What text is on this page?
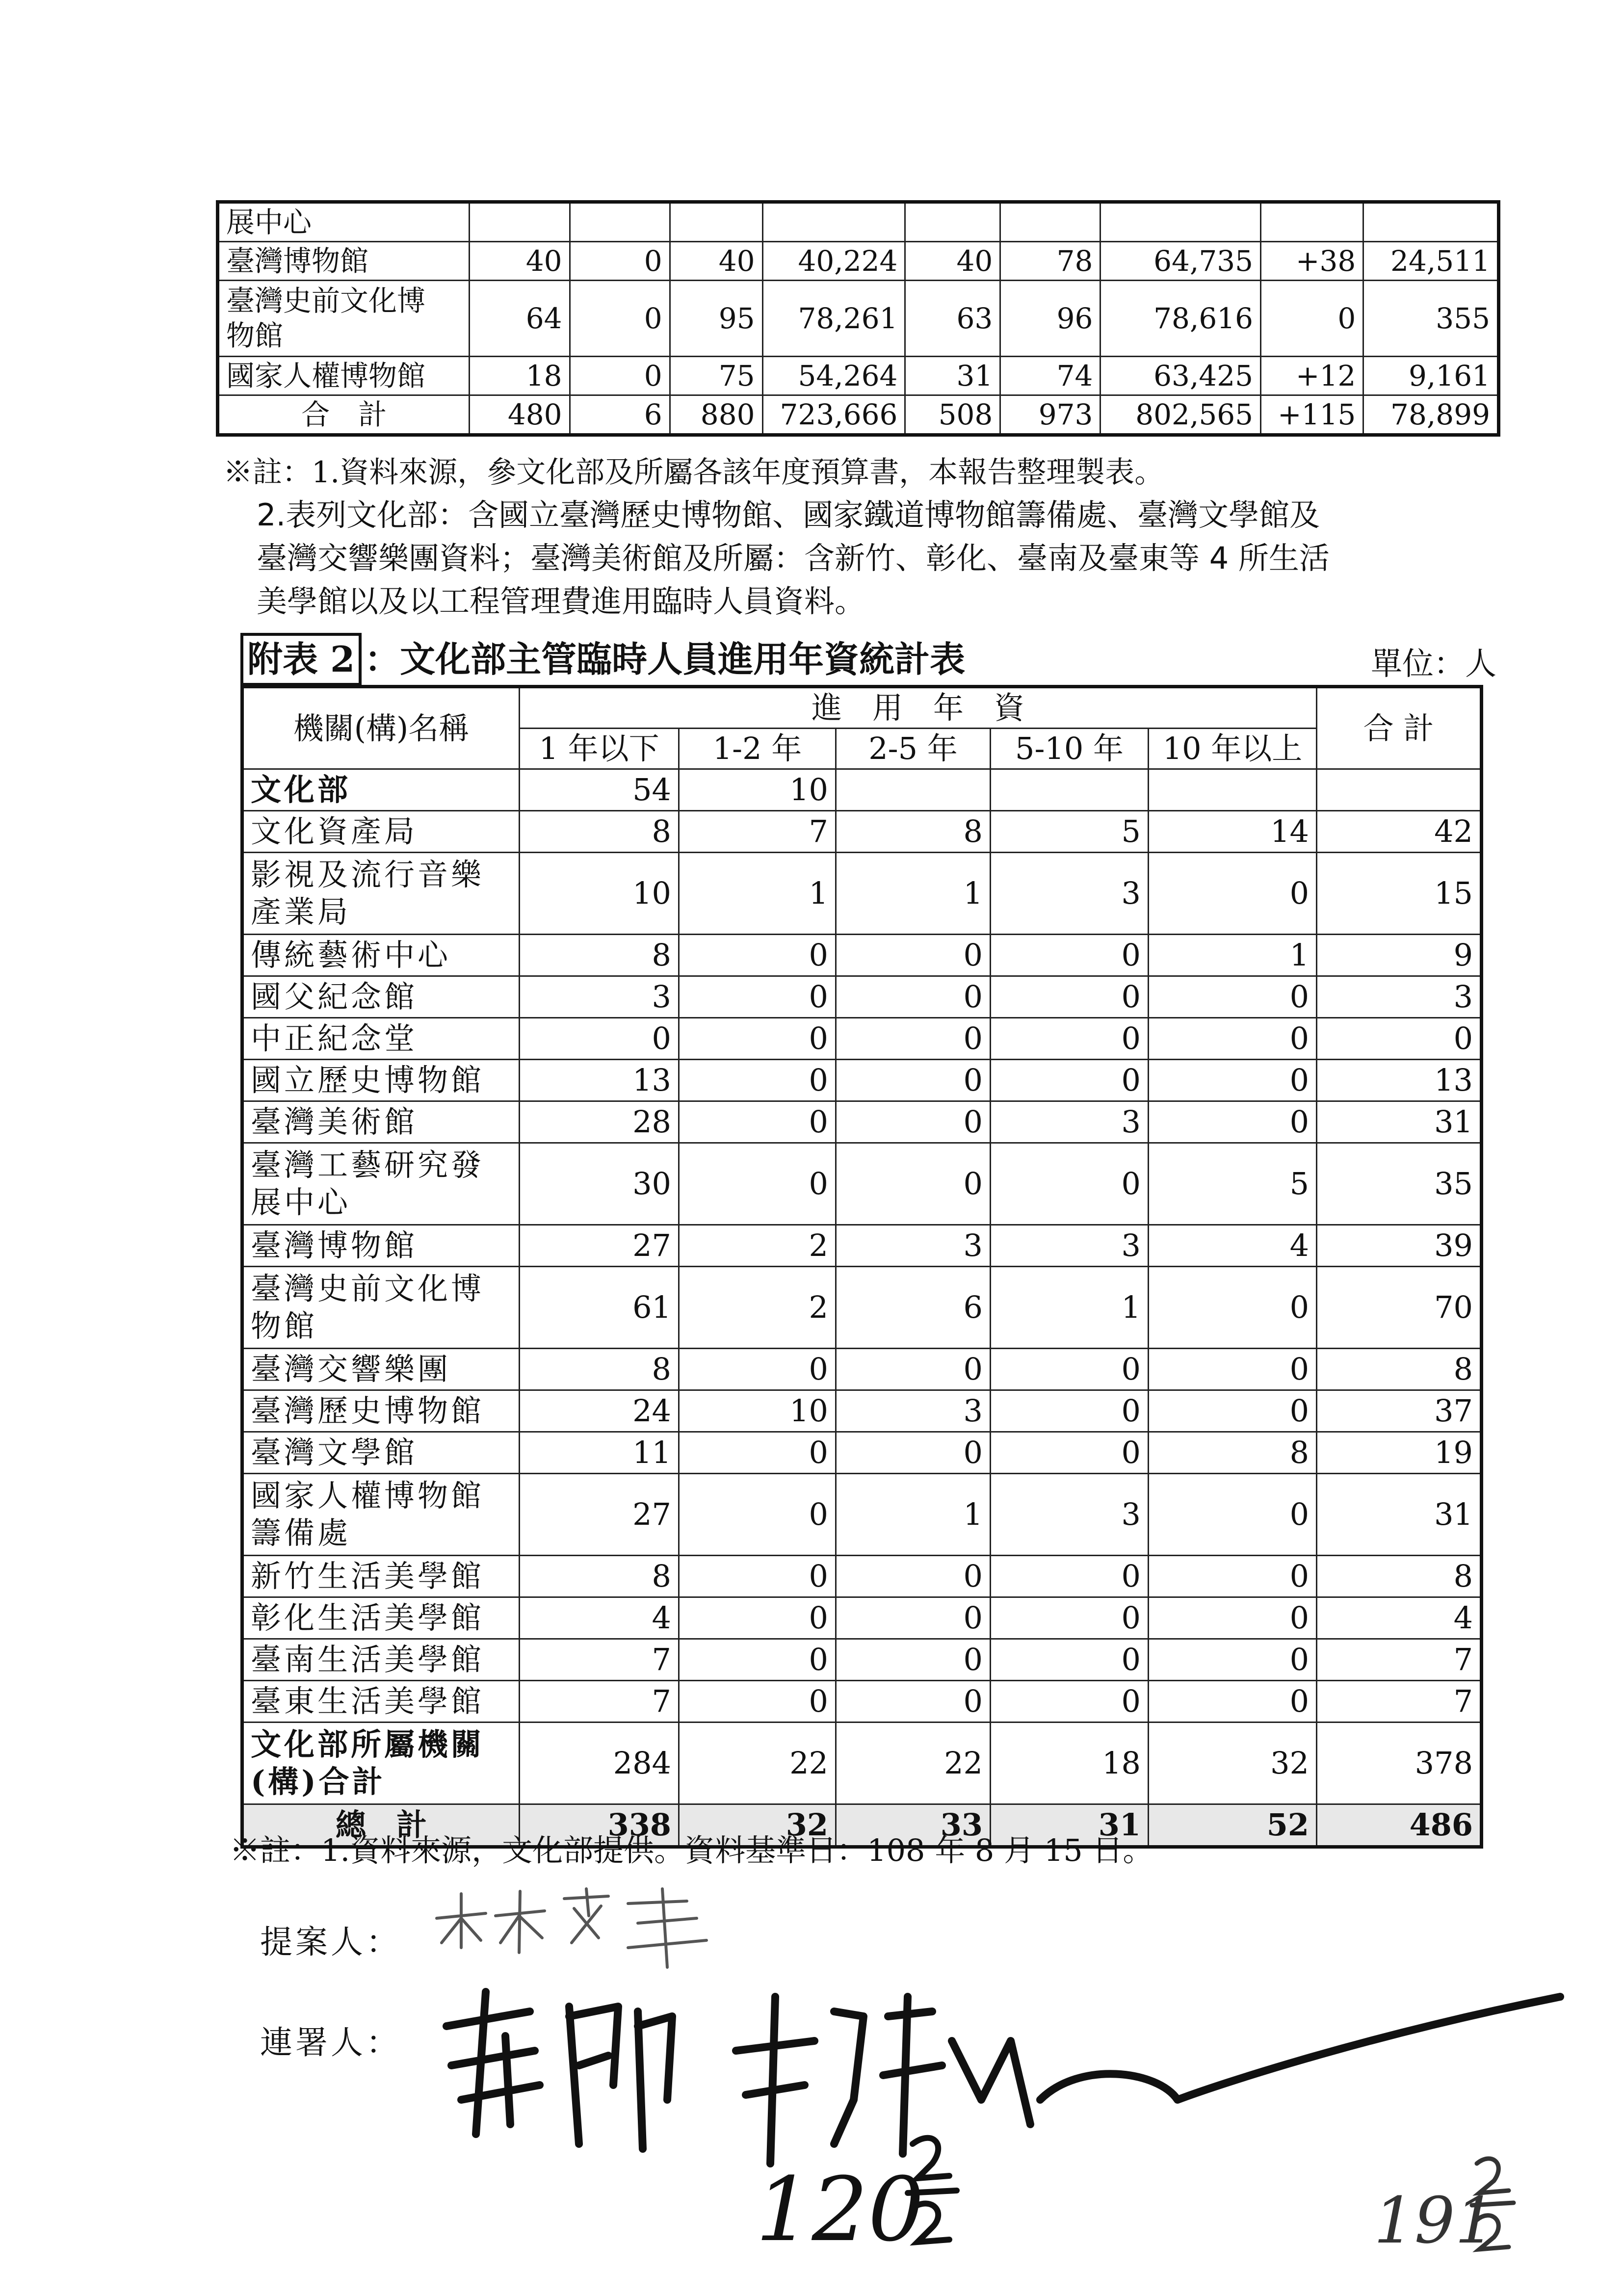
展中心									
臺灣博物館	40	0	40	40,224	40	78	64,735	+38	24,511
臺灣史前文化博
物館	64	0	95	78,261	63	96	78,616	0	355
國家人權博物館	18	0	75	54,264	31	74	63,425	+12	9,161
合　計	480	6	880	723,666	508	973	802,565	+115	78,899
※註：1.資料來源，參文化部及所屬各該年度預算書，本報告整理製表。
2.表列文化部：含國立臺灣歷史博物館、國家鐵道博物館籌備處、臺灣文學館及
臺灣交響樂團資料；臺灣美術館及所屬：含新竹、彰化、臺南及臺東等 4 所生活
美學館以及以工程管理費進用臨時人員資料。
附表 2 ：文化部主管臨時人員進用年資統計表	單位：人
機關(構)名稱	進　用　年　資					合 計
	1 年以下	1-2 年	2-5 年	5-10 年	10 年以上	
文化部	54	10				
文化資產局	8	7	8	5	14	42
影視及流行音樂
產業局	10	1	1	3	0	15
傳統藝術中心	8	0	0	0	1	9
國父紀念館	3	0	0	0	0	3
中正紀念堂	0	0	0	0	0	0
國立歷史博物館	13	0	0	0	0	13
臺灣美術館	28	0	0	3	0	31
臺灣工藝研究發
展中心	30	0	0	0	5	35
臺灣博物館	27	2	3	3	4	39
臺灣史前文化博
物館	61	2	6	1	0	70
臺灣交響樂團	8	0	0	0	0	8
臺灣歷史博物館	24	10	3	0	0	37
臺灣文學館	11	0	0	0	8	19
國家人權博物館
籌備處	27	0	1	3	0	31
新竹生活美學館	8	0	0	0	0	8
彰化生活美學館	4	0	0	0	0	4
臺南生活美學館	7	0	0	0	0	7
臺東生活美學館	7	0	0	0	0	7
文化部所屬機關
(構)合計	284	22	22	18	32	378
總　計	338	32	33	31	52	486
※註：1.資料來源，文化部提供。資料基準日：108 年 8 月 15 日。
提案人：
連署人：
120	191
